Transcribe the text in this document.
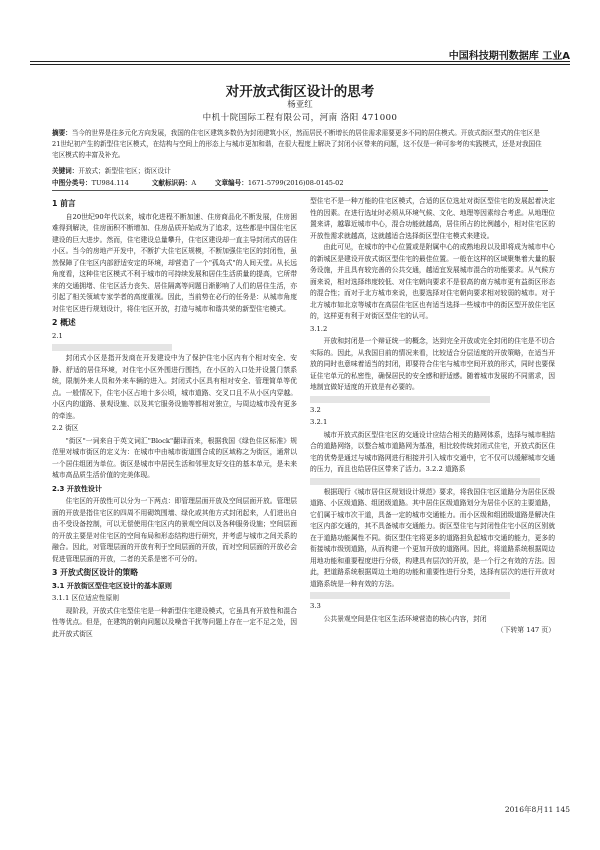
中国科技期刊数据库 工业A
对开放式街区设计的思考
杨亚红
中机十院国际工程有限公司，河南 洛阳 471000
摘要：当今的世界是往多元化方向发展，我国的住宅区建筑多数仍为封闭建筑小区，然而居民不断增长的居住需求需要更多不同的居住模式。开放式街区型式的住宅区是21世纪初产生的新型住宅区模式，在结构与空间上的形态上与城市更加和谐，在很大程度上解决了封闭小区带来的问题，这不仅是一种可参考的实践模式，还是对我国住宅区模式的丰富及补充。
关键词：开放式；新型住宅区；街区设计
中图分类号：TU984.114	文献标识码：A	文章编号：1671-5799(2016)08-0145-02
1 前言

自20世纪90年代以来，城市化进程不断加速、住房商品化不断发展，住房困难得到解决，住房面积不断增加、住房品质开始成为了追求，这些都是中国住宅区建设的巨大进步。然而，住宅建设总量攀升，住宅区建设却一直主导封闭式的居住小区。当今的房地产开发中，不断扩大住宅区规模，不断加强住宅区的封闭性，虽然保障了住宅区内部舒适安定的环境，却营造了一个"孤岛式"的人间天堂。从长远角度看，这种住宅区模式不利于城市的可持续发展和居住生活质量的提高，它所带来的交通拥堵、住宅区活力丧失、居住隔离等问题日渐影响了人们的居住生活，亦引起了相关领域专家学者的高度重视。因此，当前势在必行的任务是：从城市角度对住宅区进行规划设计，将住宅区开放，打造与城市和谐共荣的新型住宅模式。

2 概述
2.1

封闭式小区是指开发商在开发建设中为了保护住宅小区内有个相对安全、安静、舒适的居住环境，对住宅小区外围进行围挡，在小区的入口处并设置门禁系统，限制外来人员和外来车辆的进入。封闭式小区具有相对安全、管理简单等优点。一般情况下，住宅小区占地十多公顷，城市道路、交叉口且不从小区内穿越。小区内的道路、景观设施、以及其它服务设施等都相对独立，与周边城市没有更多的牵连。

2.2 街区

"街区"一词来自于英文词汇"Block"翻译而来，根据我国《绿色住区标准》规范里对城市街区的定义为：在城市中由城市街道围合成的区域称之为街区，通常以一个居住组团为单位。街区是城市中居民生活和邻里友好交往的基本单元，是未来城市高品质生活价值的完美体现。

2.3 开放性设计

住宅区的开放性可以分为一下两点：即管理层面开放及空间层面开放。管理层面的开放是指住宅区的四周不用砌筑围墙、绿化或其他方式封闭起来，人们进出自由不受设备控制，可以无偿使用住宅区内的景观空间以及各种服务设施；空间层面的开放主要是对住宅区的空间布局和形态结构进行研究，并考虑与城市之间关系的融合。因此，对管理层面的开放有利于空间层面的开放，而对空间层面的开放必会促进管理层面的开放，二者的关系是密不可分的。

3 开放式街区设计的策略
3.1 开放街区型住宅区设计的基本原则
3.1.1 区位适应性原则

现阶段，开放式住宅型住宅是一种新型住宅建设模式，它虽具有开放性和混合性等优点。但是，在建筑的朝向问题以及噪音干扰等问题上存在一定不足之处，因此开放式街区

型住宅不是一种万能的住宅区模式，合适的区位选址对街区型住宅的发展起着决定性的因素。在进行选址时必须从环境气候、文化、地理等因素综合考虑。从地理位置来讲，越靠近城市中心，混合功能就越高，居住所占的比例越小，相对住宅区的开放性需求就越高，这就越适合选择街区型住宅模式来建设。

由此可见，在城市的中心位置或是附属中心的成熟地段以及即将成为城市中心的新城区是建设开放式街区型住宅的最佳位置。一般在这样的区域聚集着大量的服务设施，并且具有较完善的公共交通，越适宜发展城市混合的功能要求。从气候方面来说，相对选择纬度较低、对住宅朝向要求不是很高的南方城市更有益街区形态的混合性；而对于北方城市来说，也要选择对住宅朝向要求相对较弱的城市。对于北方城市如北京等城市在高层住宅区也有适当选择一些城市中的街区型开放住宅区的，这样更有利于对街区型住宅的认可。

3.1.2

开放和封闭是一个辩证统一的概念，达到完全开放或完全封闭的住宅是不切合实际的。因此，从我国目前的情况来看，比较适合分层适度的开放策略，在适当开放的同时也意味着适当的封闭，即要符合住宅与城市空间开放的形式，同时也要保证住宅单元的私密性，确保居民的安全感和舒适感。随着城市发展的不同需求，因地制宜做好适度的开放是有必要的。

3.2
3.2.1

城市开放式街区型住宅区的交通设计应结合相关的路网体系，选择与城市相结合的道路网络，以整合城市道路网为基准，相比较传统封闭式住宅，开放式街区住宅的优势是通过与城市路网进行相接并引入城市交通中，它不仅可以缓解城市交通的压力，而且也给居住区带来了活力。3.2.2 道路系

根据现行《城市居住区规划设计规范》要求，将我国住宅区道路分为居住区级道路、小区级道路、组团级道路。其中居住区级道路划分为居住小区的主要道路，它们属于城市次干道，具备一定的城市交通能力。而小区级和组团级道路是解决住宅区内部交通的，其不具备城市交通能力。街区型住宅与封闭性住宅小区的区别就在于道路功能属性不同。街区型住宅将更多的道路担负起城市交通的能力，更多的衔接城市级别道路，从而构建一个更加开放的道路网。因此，将道路系统根据周边用地功能和重要程度进行分级，构建具有层次的开放，是一个行之有效的方法。因此，把道路系统根据周边土地的功能和重要性进行分类，选择有层次的进行开放对道路系统是一种有效的方法。

3.3

公共景观空间是住宅区生活环境营造的核心内容，封闭

（下转第 147 页）
2016年8月11 145
